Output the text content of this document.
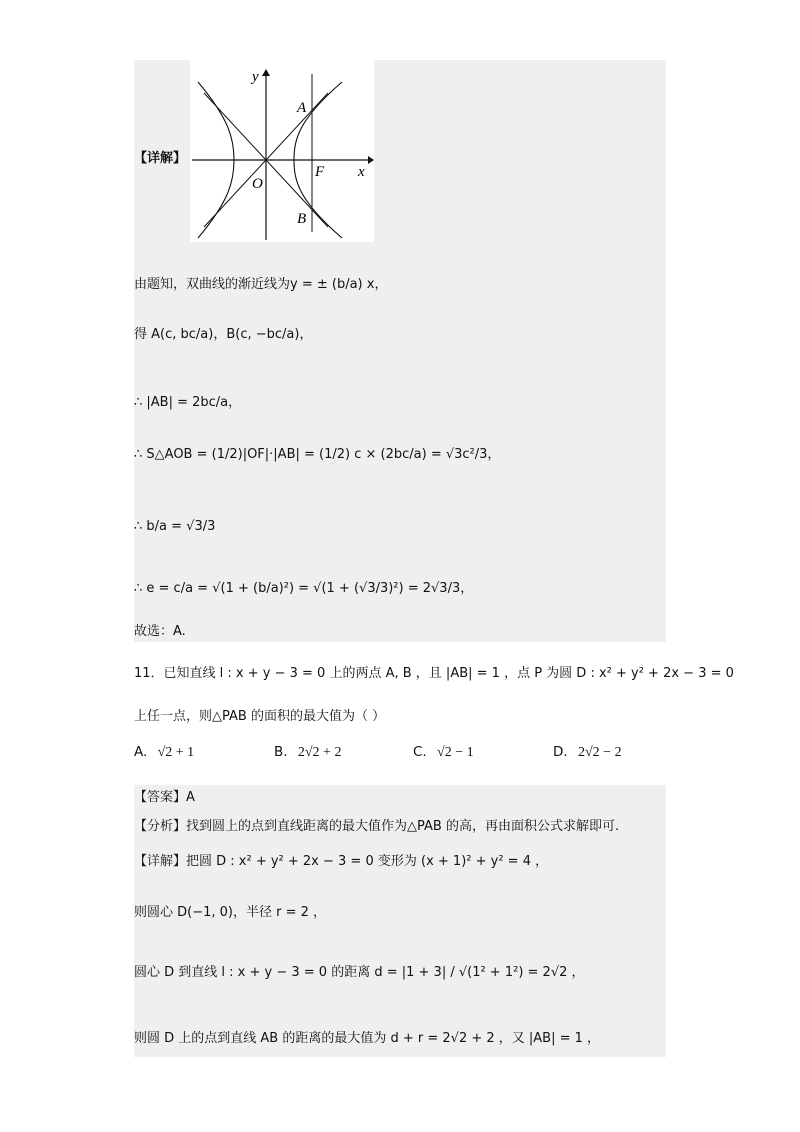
y
x
O
F
A
B
【详解】
由题知，双曲线的渐近线为y = ± (b/a) x，
得 A(c, bc/a)，B(c, −bc/a)，
∴ |AB| = 2bc/a，
∴ S△AOB = (1/2)|OF|·|AB| = (1/2) c × (2bc/a) = √3c²/3，
∴ b/a = √3/3
∴ e = c/a = √(1 + (b/a)²) = √(1 + (√3/3)²) = 2√3/3，
故选：A.
11．已知直线 l : x + y − 3 = 0 上的两点 A, B ，且 |AB| = 1 ，点 P 为圆 D : x² + y² + 2x − 3 = 0
上任一点，则△PAB 的面积的最大值为（ ）
A. √2 + 1	B. 2√2 + 2	C. √2 − 1	D. 2√2 − 2
【答案】A
【分析】找到圆上的点到直线距离的最大值作为△PAB 的高，再由面积公式求解即可.
【详解】把圆 D : x² + y² + 2x − 3 = 0 变形为 (x + 1)² + y² = 4 ，
则圆心 D(−1, 0)，半径 r = 2 ，
圆心 D 到直线 l : x + y − 3 = 0 的距离 d = |1 + 3| / √(1² + 1²) = 2√2 ，
则圆 D 上的点到直线 AB 的距离的最大值为 d + r = 2√2 + 2 ，又 |AB| = 1 ，
